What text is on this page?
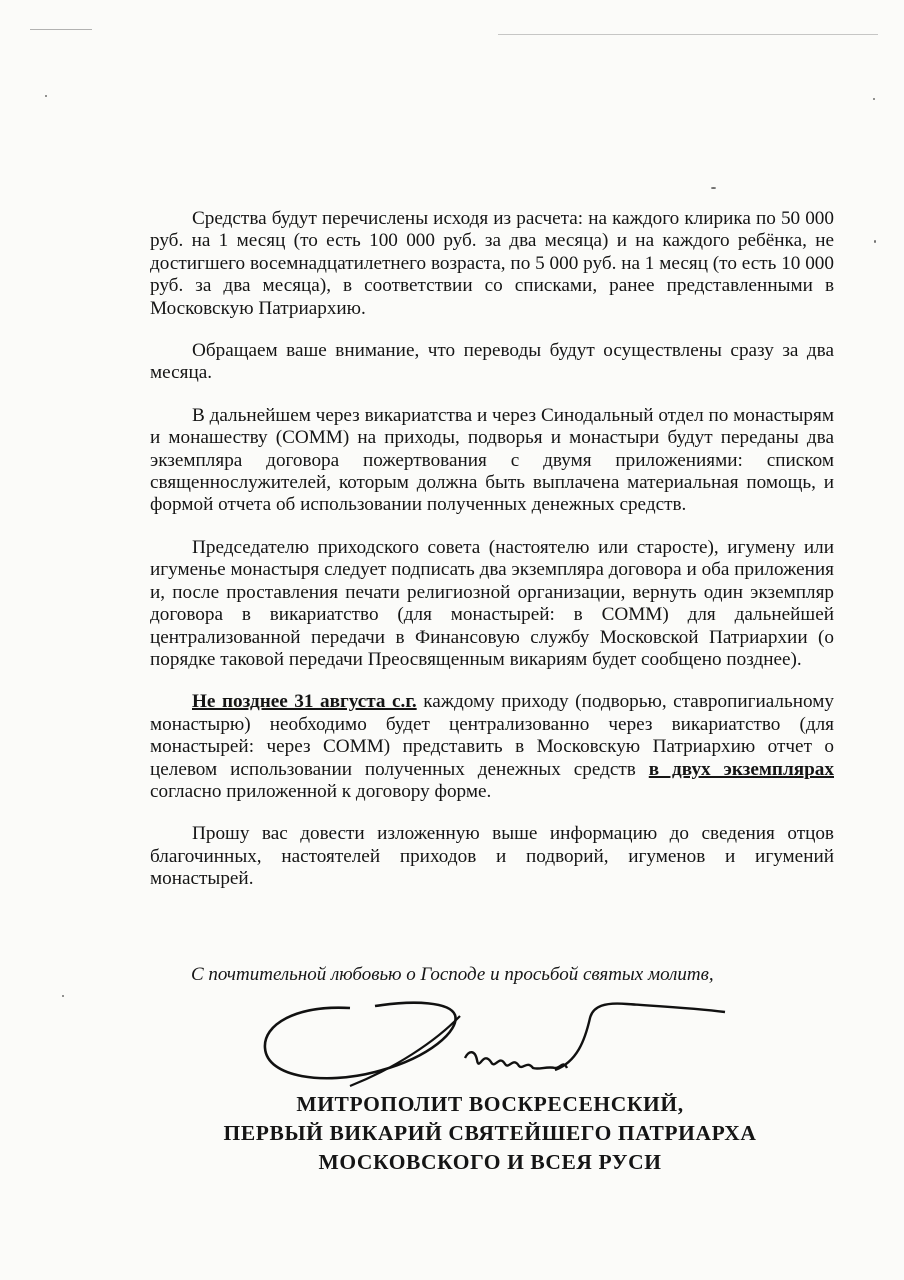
Средства будут перечислены исходя из расчета: на каждого клирика по 50 000 руб. на 1 месяц (то есть 100 000 руб. за два месяца) и на каждого ребёнка, не достигшего восемнадцатилетнего возраста, по 5 000 руб. на 1 месяц (то есть 10 000 руб. за два месяца), в соответствии со списками, ранее представленными в Московскую Патриархию.

Обращаем ваше внимание, что переводы будут осуществлены сразу за два месяца.

В дальнейшем через викариатства и через Синодальный отдел по монастырям и монашеству (СОММ) на приходы, подворья и монастыри будут переданы два экземпляра договора пожертвования с двумя приложениями: списком священнослужителей, которым должна быть выплачена материальная помощь, и формой отчета об использовании полученных денежных средств.

Председателю приходского совета (настоятелю или старосте), игумену или игуменье монастыря следует подписать два экземпляра договора и оба приложения и, после проставления печати религиозной организации, вернуть один экземпляр договора в викариатство (для монастырей: в СОММ) для дальнейшей централизованной передачи в Финансовую службу Московской Патриархии (о порядке таковой передачи Преосвященным викариям будет сообщено позднее).

Не позднее 31 августа с.г. каждому приходу (подворью, ставропигиальному монастырю) необходимо будет централизованно через викариатство (для монастырей: через СОММ) представить в Московскую Патриархию отчет о целевом использовании полученных денежных средств в двух экземплярах согласно приложенной к договору форме.

Прошу вас довести изложенную выше информацию до сведения отцов благочинных, настоятелей приходов и подворий, игуменов и игумений монастырей.

С почтительной любовью о Господе и просьбой святых молитв,
МИТРОПОЛИТ ВОСКРЕСЕНСКИЙ,
ПЕРВЫЙ ВИКАРИЙ СВЯТЕЙШЕГО ПАТРИАРХА
МОСКОВСКОГО И ВСЕЯ РУСИ
